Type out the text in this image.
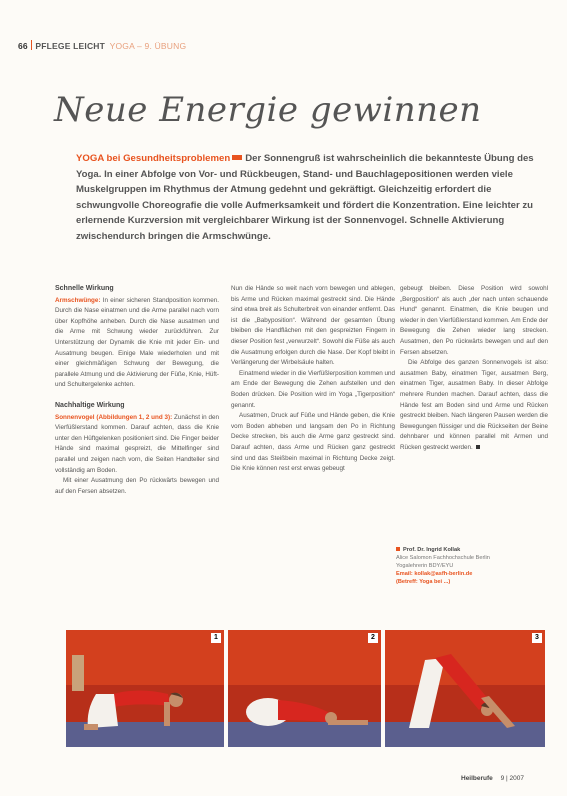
66 PFLEGE LEICHT YOGA – 9. ÜBUNG
Neue Energie gewinnen
YOGA bei Gesundheitsproblemen Der Sonnengruß ist wahrscheinlich die bekannteste Übung des Yoga. In einer Abfolge von Vor- und Rückbeugen, Stand- und Bauchlagepositionen werden viele Muskelgruppen im Rhythmus der Atmung gedehnt und gekräftigt. Gleichzeitig erfordert die schwungvolle Choreografie die volle Aufmerksamkeit und fördert die Konzentration. Eine leichter zu erlernende Kurzversion mit vergleichbarer Wirkung ist der Sonnenvogel. Schnelle Aktivierung zwischendurch bringen die Armschwünge.
Schnelle Wirkung

Armschwünge: In einer sicheren Standposition kommen. Durch die Nase einatmen und die Arme parallel nach vorn über Kopfhöhe anheben. Durch die Nase ausatmen und die Arme mit Schwung wieder zurückführen. Zur Unterstützung der Dynamik die Knie mit jeder Ein- und Ausatmung beugen. Einige Male wiederholen und mit einer gleichmäßigen Schwung der Bewegung, die parallele Atmung und die Aktivierung der Füße, Knie, Hüft- und Schultergelenke achten.

Nachhaltige Wirkung

Sonnenvogel (Abbildungen 1, 2 und 3): Zunächst in den Vierfüßlerstand kommen. Darauf achten, dass die Knie unter den Hüftgelenken positioniert sind. Die Finger beider Hände sind maximal gespreizt, die Mittelfinger sind parallel und zeigen nach vorn, die Seiten Handteller sind vollständig am Boden.

Mit einer Ausatmung den Po rückwärts bewegen und auf den Fersen absetzen.

Nun die Hände so weit nach vorn bewegen und ablegen, bis Arme und Rücken maximal gestreckt sind. Die Hände sind etwa breit als Schulterbreit von einander entfernt. Das ist die „Babyposition“. Während der gesamten Übung bleiben die Handflächen mit den gespreizten Fingern in dieser Position fest „verwurzelt“. Sowohl die Füße als auch die Ausatmung erfolgen durch die Nase. Der Kopf bleibt in Verlängerung der Wirbelsäule halten.

Einatmend wieder in die Vierfüßlerposition kommen und am Ende der Bewegung die Zehen aufstellen und den Boden drücken. Die Position wird im Yoga „Tigerposition“ genannt.

Ausatmen, Druck auf Füße und Hände geben, die Knie vom Boden abheben und langsam den Po in Richtung Decke strecken, bis auch die Arme ganz gestreckt sind. Darauf achten, dass Arme und Rücken ganz gestreckt sind und das Steißbein maximal in Richtung Decke zeigt. Die Knie können rest erst erwas gebeugt

gebeugt bleiben. Diese Position wird sowohl „Bergposition“ als auch „der nach unten schauende Hund“ genannt. Einatmen, die Knie beugen und wieder in den Vierfüßlerstand kommen. Am Ende der Bewegung die Zehen wieder lang strecken. Ausatmen, den Po rückwärts bewegen und auf den Fersen absetzen.

Die Abfolge des ganzen Sonnenvogels ist also: ausatmen Baby, einatmen Tiger, ausatmen Berg, einatmen Tiger, ausatmen Baby. In dieser Abfolge mehrere Runden machen. Darauf achten, dass die Hände fest am Boden sind und Arme und Rücken gestreckt bleiben. Nach längeren Pausen werden die Bewegungen flüssiger und die Rückseiten der Beine dehnbarer und können parallel mit Armen und Rücken gestreckt werden.

Prof. Dr. Ingrid Kollak
Alice Salomon Fachhochschule Berlin
Yogalehrerin BDY/EYU
Email: kollak@asfh-berlin.de
(Betreff: Yoga bei ...)
1	2	3
Heilberufe 9 | 2007
